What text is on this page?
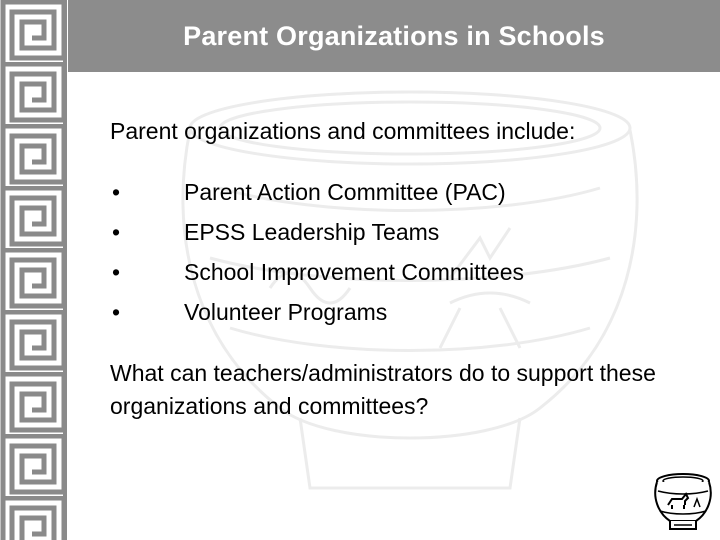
Parent Organizations in Schools
Parent organizations and committees include:
•	Parent Action Committee (PAC)
•	EPSS Leadership Teams
•	School Improvement Committees
•	Volunteer Programs
What can teachers/administrators do to support these organizations and committees?
